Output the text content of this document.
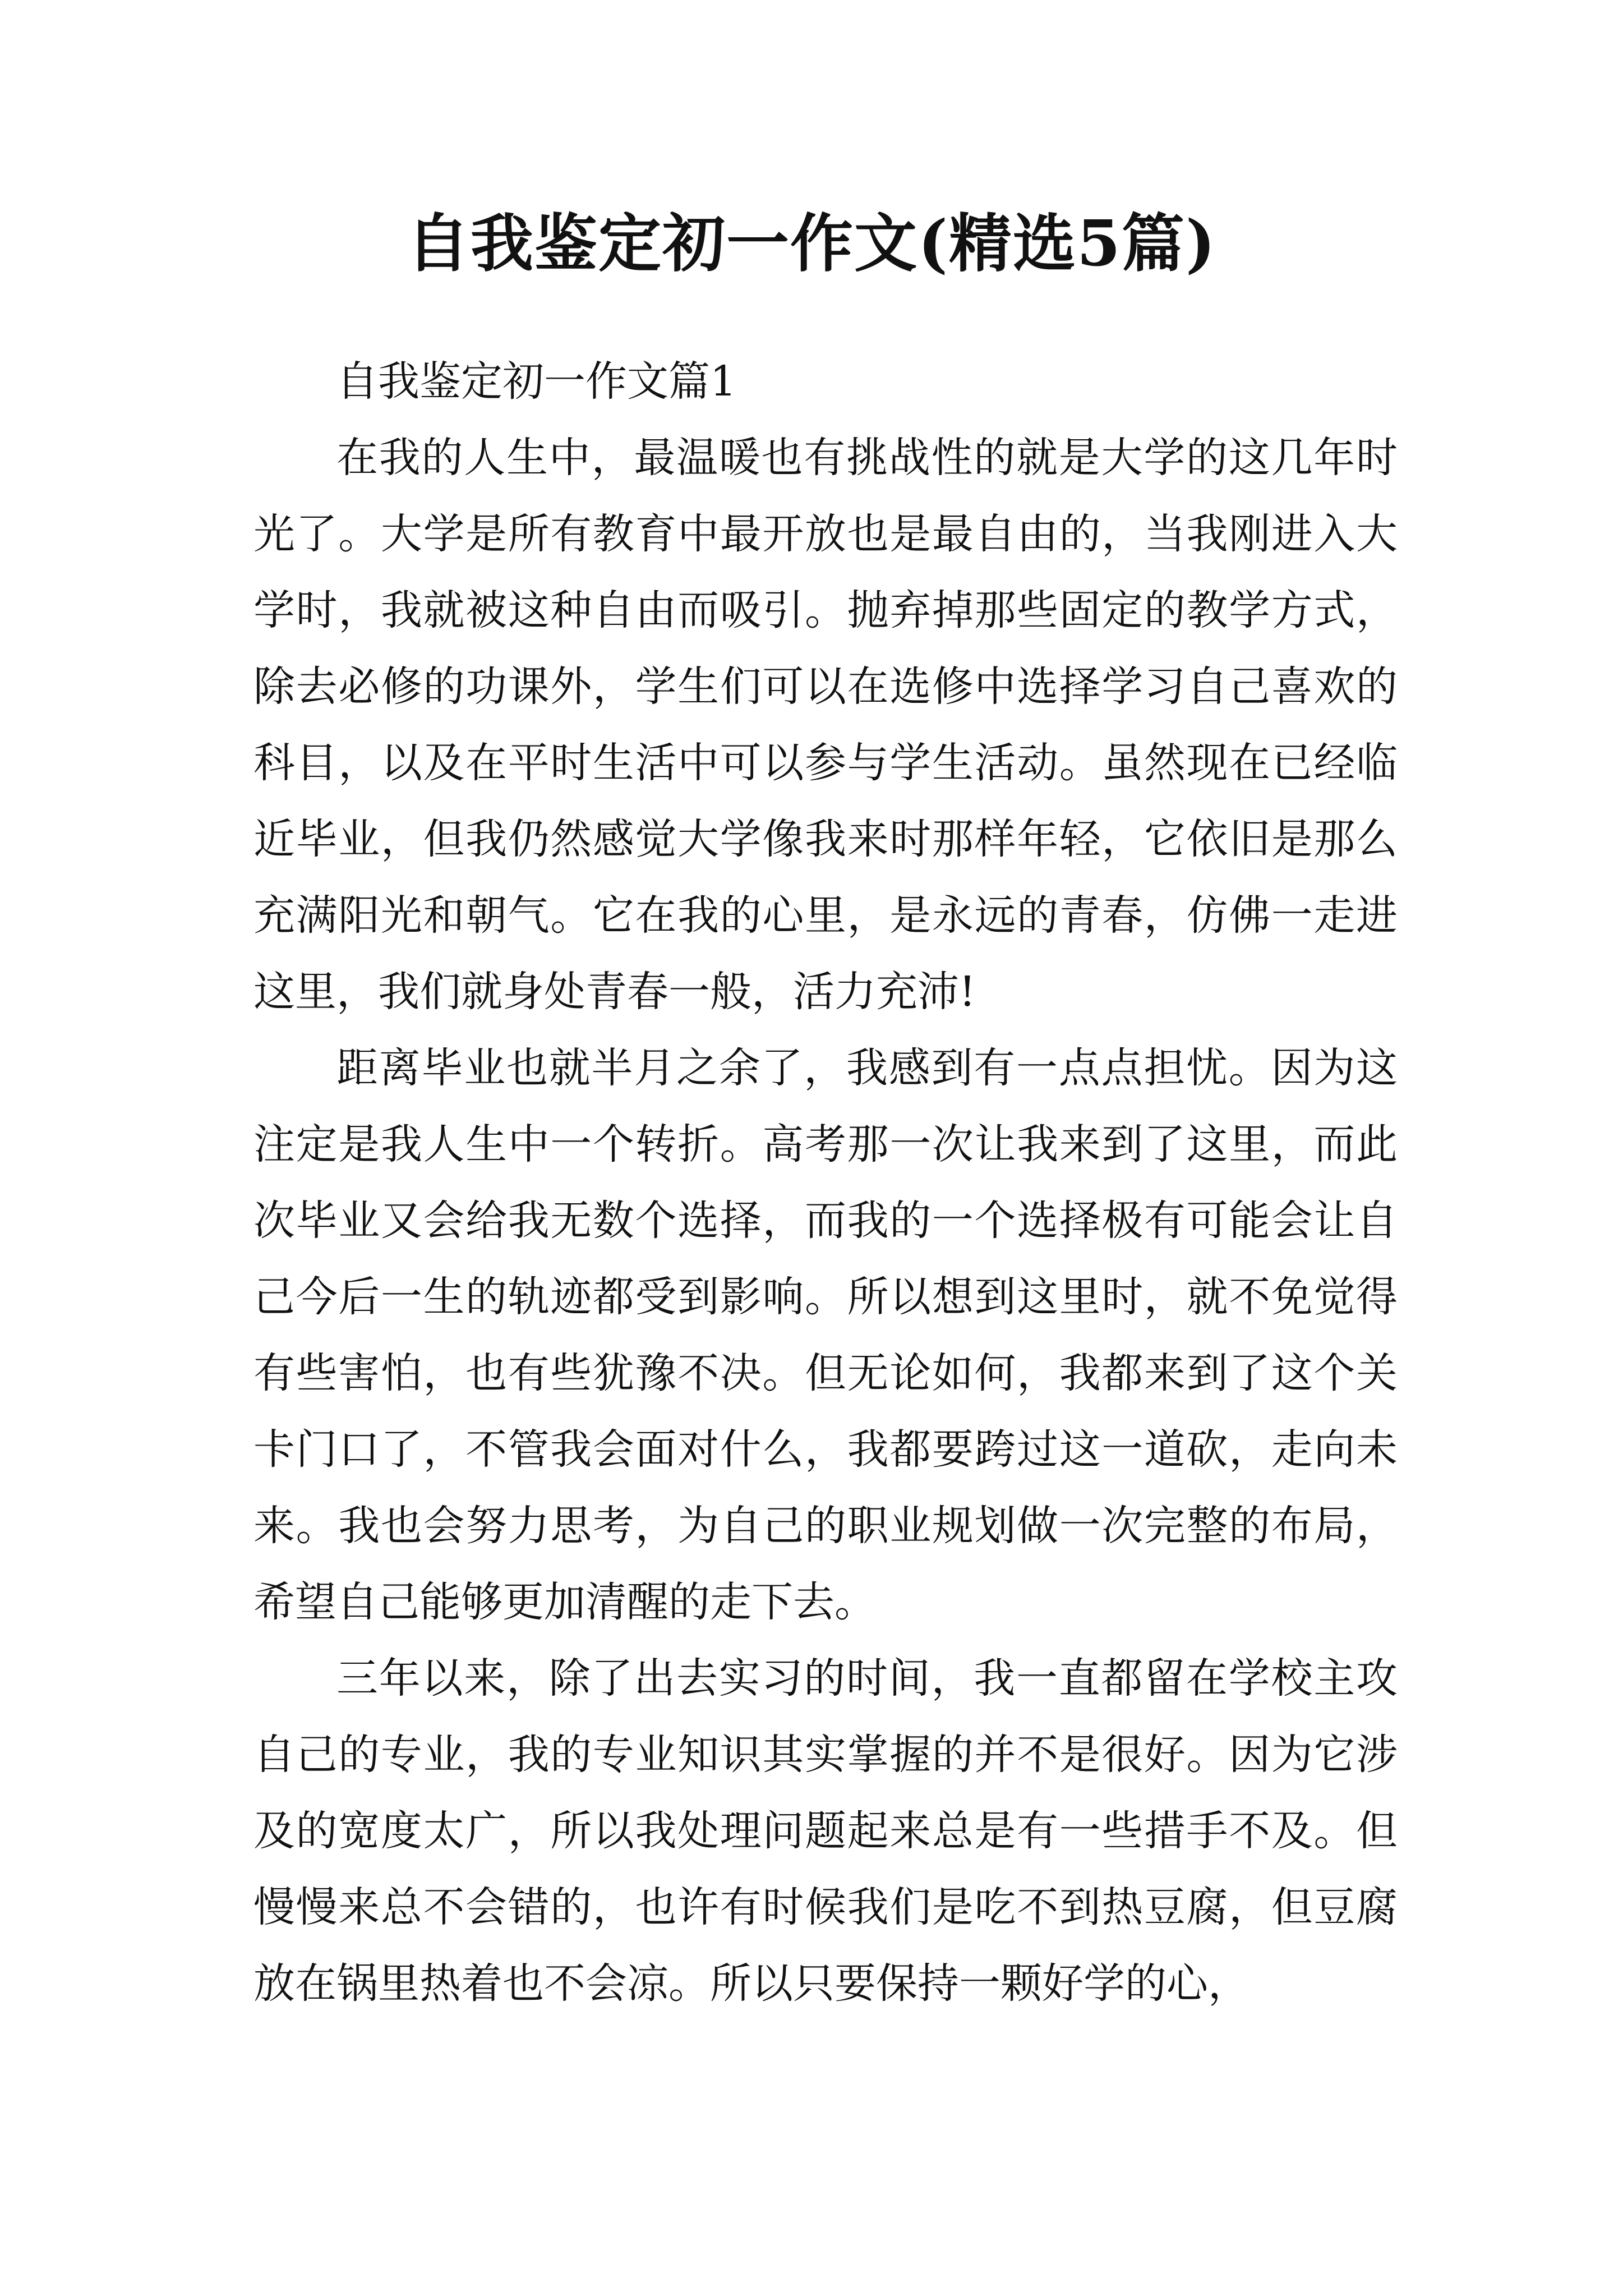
自我鉴定初一作文(精选5篇)

自我鉴定初一作文篇1

在我的人生中，最温暖也有挑战性的就是大学的这几年时光了。大学是所有教育中最开放也是最自由的，当我刚进入大学时，我就被这种自由而吸引。抛弃掉那些固定的教学方式，除去必修的功课外，学生们可以在选修中选择学习自己喜欢的科目，以及在平时生活中可以参与学生活动。虽然现在已经临近毕业，但我仍然感觉大学像我来时那样年轻，它依旧是那么充满阳光和朝气。它在我的心里，是永远的青春，仿佛一走进这里，我们就身处青春一般，活力充沛!

距离毕业也就半月之余了，我感到有一点点担忧。因为这注定是我人生中一个转折。高考那一次让我来到了这里，而此次毕业又会给我无数个选择，而我的一个选择极有可能会让自己今后一生的轨迹都受到影响。所以想到这里时，就不免觉得有些害怕，也有些犹豫不决。但无论如何，我都来到了这个关卡门口了，不管我会面对什么，我都要跨过这一道砍，走向未来。我也会努力思考，为自己的职业规划做一次完整的布局，希望自己能够更加清醒的走下去。

三年以来，除了出去实习的时间，我一直都留在学校主攻自己的专业，我的专业知识其实掌握的并不是很好。因为它涉及的宽度太广，所以我处理问题起来总是有一些措手不及。但慢慢来总不会错的，也许有时候我们是吃不到热豆腐，但豆腐放在锅里热着也不会凉。所以只要保持一颗好学的心，
